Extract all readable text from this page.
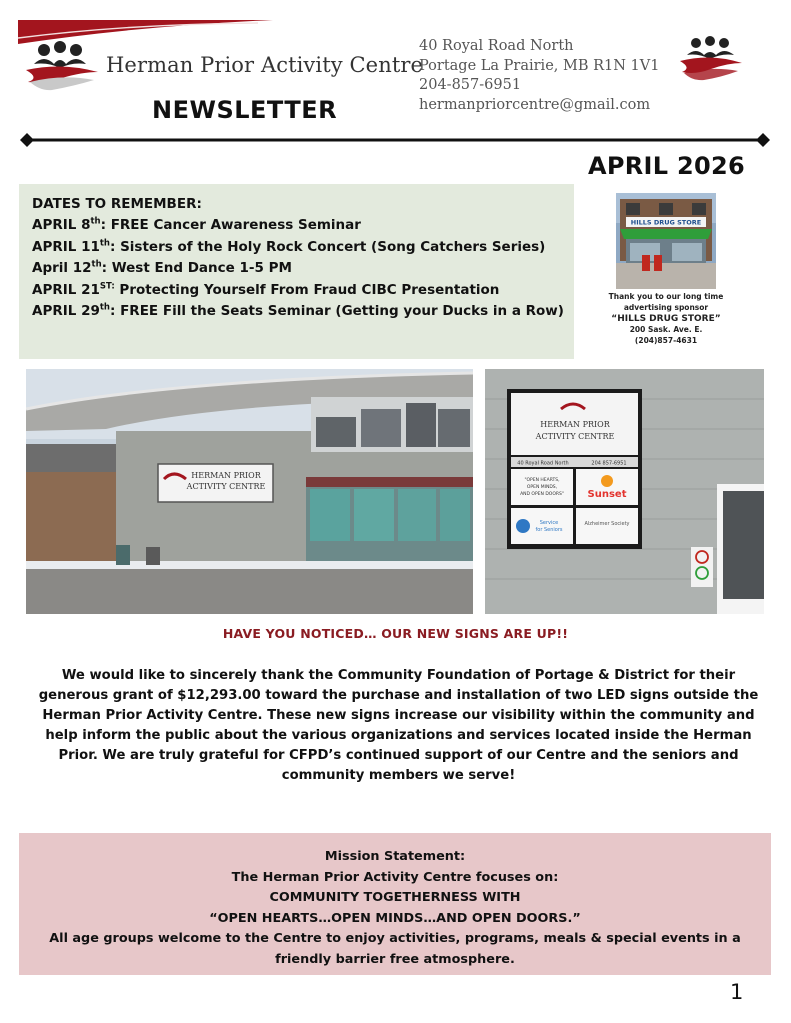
Herman Prior Activity Centre
NEWSLETTER
40 Royal Road North
Portage La Prairie, MB R1N 1V1
204-857-6951
hermanpriorcentre@gmail.com
APRIL 2026
DATES TO REMEMBER:
APRIL 8th: FREE Cancer Awareness Seminar
APRIL 11th: Sisters of the Holy Rock Concert (Song Catchers Series)
April 12th: West End Dance 1-5 PM
APRIL $21^{ST:}$ Protecting Yourself From Fraud CIBC Presentation
APRIL 29th: FREE Fill the Seats Seminar (Getting your Ducks in a Row)
HILLS DRUG STORE
Thank you to our long time
advertising sponsor
“HILLS DRUG STORE”
200 Sask. Ave. E.
(204)857-4631
HERMAN PRIOR
ACTIVITY CENTRE
HERMAN PRIOR
ACTIVITY CENTRE
40 Royal Road North	204 857-6951
"OPEN HEARTS,
OPEN MINDS,
AND OPEN DOORS" Sunset
Service
for Seniors
Alzheimer Society
HAVE YOU NOTICED… OUR NEW SIGNS ARE UP!!
We would like to sincerely thank the Community Foundation of Portage & District for their
generous grant of $12,293.00 toward the purchase and installation of two LED signs outside the
Herman Prior Activity Centre. These new signs increase our visibility within the community and
help inform the public about the various organizations and services located inside the Herman
Prior. We are truly grateful for CFPD’s continued support of our Centre and the seniors and
community members we serve!
Mission Statement:
The Herman Prior Activity Centre focuses on:
COMMUNITY TOGETHERNESS WITH
“OPEN HEARTS…OPEN MINDS…AND OPEN DOORS.”
All age groups welcome to the Centre to enjoy activities, programs, meals & special events in a
friendly barrier free atmosphere.
1
